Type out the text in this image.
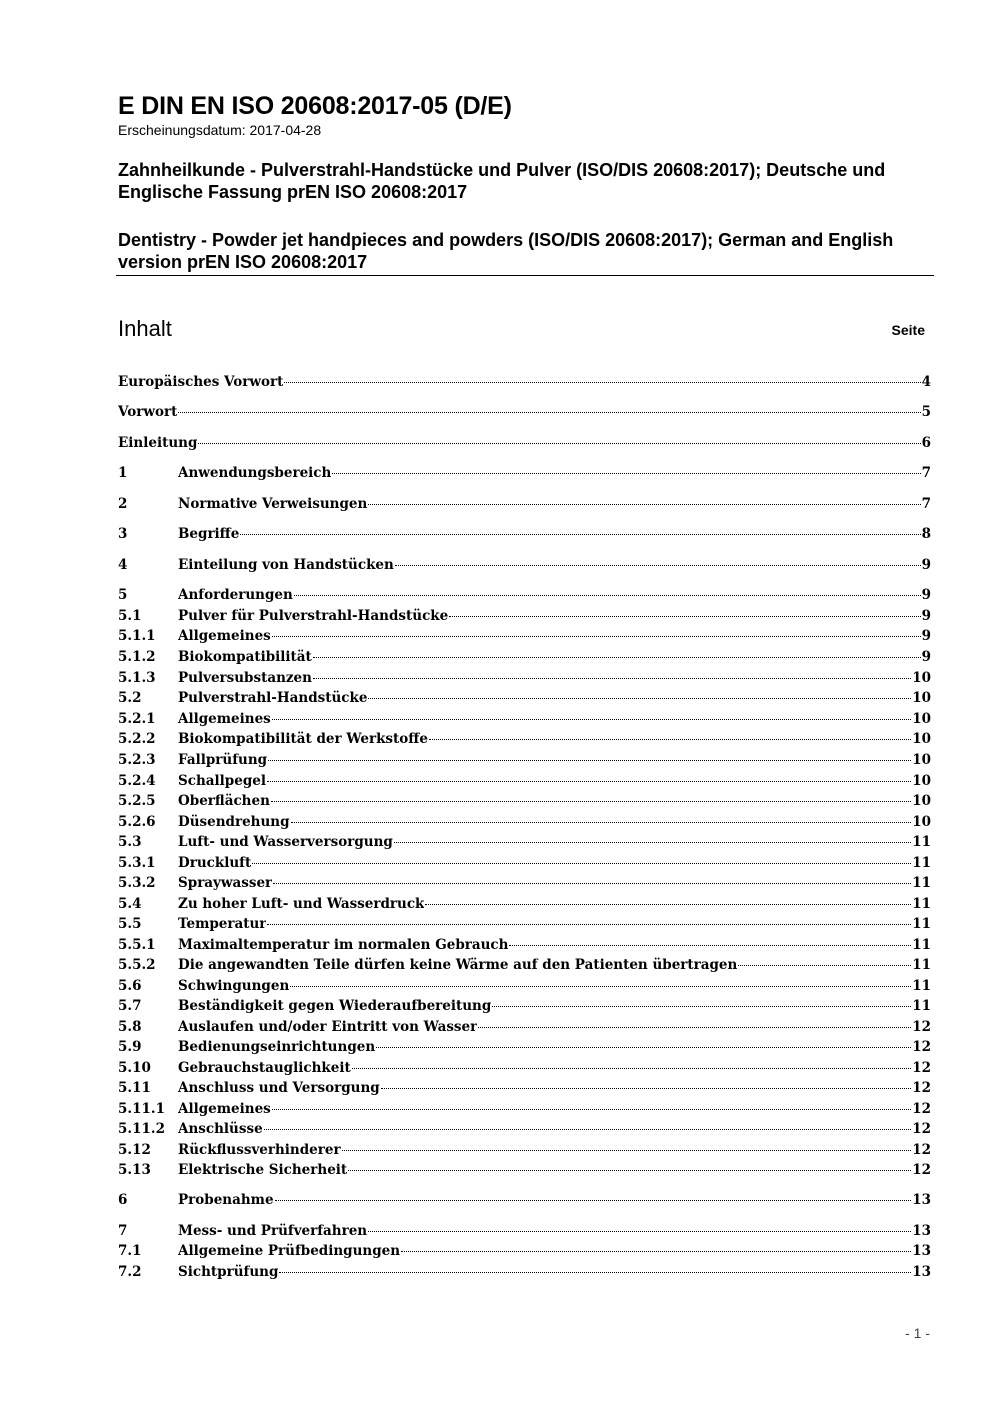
E DIN EN ISO 20608:2017-05 (D/E)
Erscheinungsdatum: 2017-04-28
Zahnheilkunde - Pulverstrahl-Handstücke und Pulver (ISO/DIS 20608:2017); Deutsche und Englische Fassung prEN ISO 20608:2017
Dentistry - Powder jet handpieces and powders (ISO/DIS 20608:2017); German and English version prEN ISO 20608:2017
Inhalt	Seite
Europäisches Vorwort	4
Vorwort	5
Einleitung	6
1	Anwendungsbereich	7
2	Normative Verweisungen	7
3	Begriffe	8
4	Einteilung von Handstücken	9
5	Anforderungen	9
5.1	Pulver für Pulverstrahl-Handstücke	9
5.1.1	Allgemeines	9
5.1.2	Biokompatibilität	9
5.1.3	Pulversubstanzen	10
5.2	Pulverstrahl-Handstücke	10
5.2.1	Allgemeines	10
5.2.2	Biokompatibilität der Werkstoffe	10
5.2.3	Fallprüfung	10
5.2.4	Schallpegel	10
5.2.5	Oberflächen	10
5.2.6	Düsendrehung	10
5.3	Luft- und Wasserversorgung	11
5.3.1	Druckluft	11
5.3.2	Spraywasser	11
5.4	Zu hoher Luft- und Wasserdruck	11
5.5	Temperatur	11
5.5.1	Maximaltemperatur im normalen Gebrauch	11
5.5.2	Die angewandten Teile dürfen keine Wärme auf den Patienten übertragen	11
5.6	Schwingungen	11
5.7	Beständigkeit gegen Wiederaufbereitung	11
5.8	Auslaufen und/oder Eintritt von Wasser	12
5.9	Bedienungseinrichtungen	12
5.10	Gebrauchstauglichkeit	12
5.11	Anschluss und Versorgung	12
5.11.1 Allgemeines	12
5.11.2 Anschlüsse	12
5.12	Rückflussverhinderer	12
5.13	Elektrische Sicherheit	12
6	Probenahme	13
7	Mess- und Prüfverfahren	13
7.1	Allgemeine Prüfbedingungen	13
7.2	Sichtprüfung	13
- 1 -
